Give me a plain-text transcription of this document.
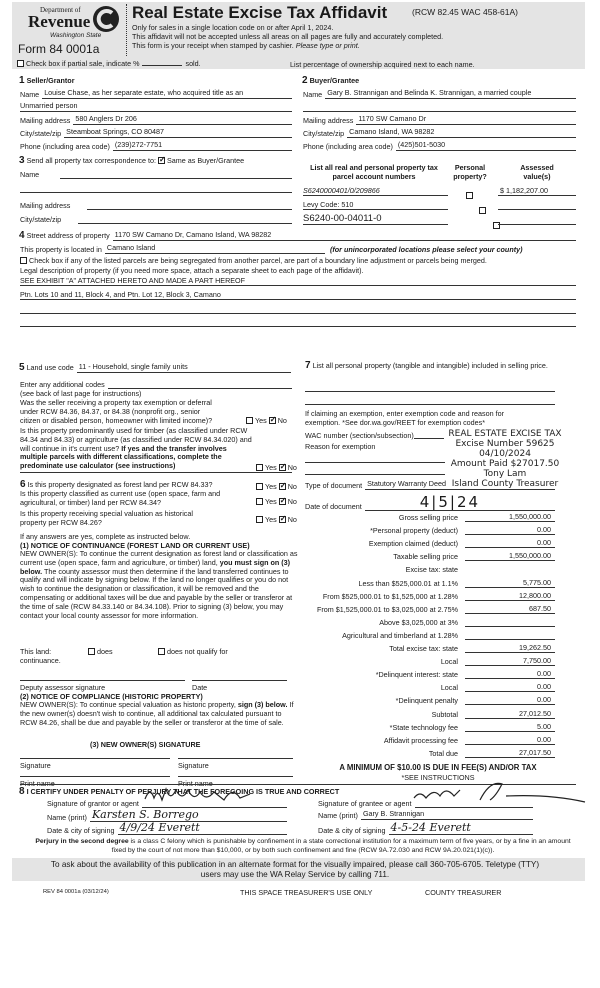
Department of
Revenue
Washington State
Form 84 0001a
Real Estate Excise Tax Affidavit	(RCW 82.45 WAC 458-61A)
Only for sales in a single location code on or after April 1, 2024.
This affidavit will not be accepted unless all areas on all pages are fully and accurately completed.
This form is your receipt when stamped by cashier. Please type or print.
Check box if partial sale, indicate %	sold.	List percentage of ownership acquired next to each name.
1 Seller/Grantor
Name Louise Chase, as her separate estate, who acquired title as an
Unmarried person
Mailing address 580 Anglers Dr 206
City/state/zip Steamboat Springs, CO 80487
Phone (including area code) (239)272-7751
2 Buyer/Grantee
Name Gary B. Strannigan and Belinda K. Strannigan, a married couple
Mailing address 1170 SW Camano Dr
City/state/zip Camano Island, WA 98282
Phone (including area code) (425)501-5030
3 Send all property tax correspondence to: ✓ Same as Buyer/Grantee
Name
Mailing address
City/state/zip
List all real and personal property tax
parcel account numbers
Personal
property?
Assessed
value(s)
S6240000401/0/209866
	$ 1,182,207.00
Levy Code: 510

S6240-00-04011-0
4 Street address of property 1170 SW Camano Dr, Camano Island, WA 98282
This property is located in Camano Island	(for unincorporated locations please select your county)
Check box if any of the listed parcels are being segregated from another parcel, are part of a boundary line adjustment or parcels being merged.
Legal description of property (if you need more space, attach a separate sheet to each page of the affidavit).
SEE EXHIBIT "A" ATTACHED HERETO AND MADE A PART HEREOF
Ptn. Lots 10 and 11, Block 4, and Ptn. Lot 12, Block 3, Camano
5 Land use code 11 - Household, single family units
Enter any additional codes
(see back of last page for instructions)
Was the seller receiving a property tax exemption or deferral under RCW 84.36, 84.37, or 84.38 (nonprofit org., senior citizen or disabled person, homeowner with limited income)?	Yes ✓ No
Is this property predominantly used for timber (as classified under RCW 84.34 and 84.33) or agriculture (as classified under RCW 84.34.020) and will continue in it's current use? If yes and the transfer involves multiple parcels with different classifications, complete the predominate use calculator (see instructions)	Yes ✓ No
6 Is this property designated as forest land per RCW 84.33?	Yes ✓ No
Is this property classified as current use (open space, farm and agricultural, or timber) land per RCW 84.34?	Yes ✓ No
Is this property receiving special valuation as historical property per RCW 84.26?	Yes ✓ No
If any answers are yes, complete as instructed below.
(1) NOTICE OF CONTINUANCE (FOREST LAND OR CURRENT USE)
NEW OWNER(S): To continue the current designation as forest land or classification as current use (open space, farm and agriculture, or timber) land, you must sign on (3) below. The county assessor must then determine if the land transferred continues to qualify and will indicate by signing below. If the land no longer qualifies or you do not wish to continue the designation or classification, it will be removed and the compensating or additional taxes will be due and payable by the seller or transferor at the time of sale (RCW 84.33.140 or 84.34.108). Prior to signing (3) below, you may contact your local county assessor for more information.
This land:	does	does not qualify for
continuance.
Deputy assessor signature	Date
(2) NOTICE OF COMPLIANCE (HISTORIC PROPERTY)
NEW OWNER(S): To continue special valuation as historic property, sign (3) below. If the new owner(s) doesn't wish to continue, all additional tax calculated pursuant to RCW 84.26, shall be due and payable by the seller or transferor at the time of sale.
(3) NEW OWNER(S) SIGNATURE
Signature	Signature
Print name	Print name
7 List all personal property (tangible and intangible) included in selling price.
If claiming an exemption, enter exemption code and reason for exemption. *See dor.wa.gov/REET for exemption codes*
WAC number (section/subsection)
Reason for exemption
REAL ESTATE EXCISE TAX
Excise Number 59625
04/10/2024
Amount Paid $27017.50
Tony Lam
Island County Treasurer
Type of document Statutory Warranty Deed
Date of document	4|5|24
Gross selling price	1,550,000.00
*Personal property (deduct)	0.00
Exemption claimed (deduct)	0.00
Taxable selling price	1,550,000.00
Excise tax: state
Less than $525,000.01 at 1.1%	5,775.00
From $525,000.01 to $1,525,000 at 1.28%	12,800.00
From $1,525,000.01 to $3,025,000 at 2.75%	687.50
Above $3,025,000 at 3%
Agricultural and timberland at 1.28%
Total excise tax: state	19,262.50
Local	7,750.00
*Delinquent interest: state	0.00
Local	0.00
*Delinquent penalty	0.00
Subtotal	27,012.50
*State technology fee	5.00
Affidavit processing fee	0.00
Total due	27,017.50
A MINIMUM OF $10.00 IS DUE IN FEE(S) AND/OR TAX
*SEE INSTRUCTIONS
8 I CERTIFY UNDER PENALTY OF PERJURY THAT THE FOREGOING IS TRUE AND CORRECT
Signature of grantor or agent
Name (print) Karsten S. Borrego
Date & city of signing 4/9/24 Everett
Signature of grantee or agent
Name (print) Gary B. Strannigan
Date & city of signing 4-5-24 Everett
Perjury in the second degree is a class C felony which is punishable by confinement in a state correctional institution for a maximum term of five years, or by a fine in an amount fixed by the court of not more than $10,000, or by both such confinement and fine (RCW 9A.72.030 and RCW 9A.20.021(1)(c)).
To ask about the availability of this publication in an alternate format for the visually impaired, please call 360-705-6705. Teletype (TTY) users may use the WA Relay Service by calling 711.
REV 84 0001a (03/12/24)	THIS SPACE TREASURER'S USE ONLY	COUNTY TREASURER
